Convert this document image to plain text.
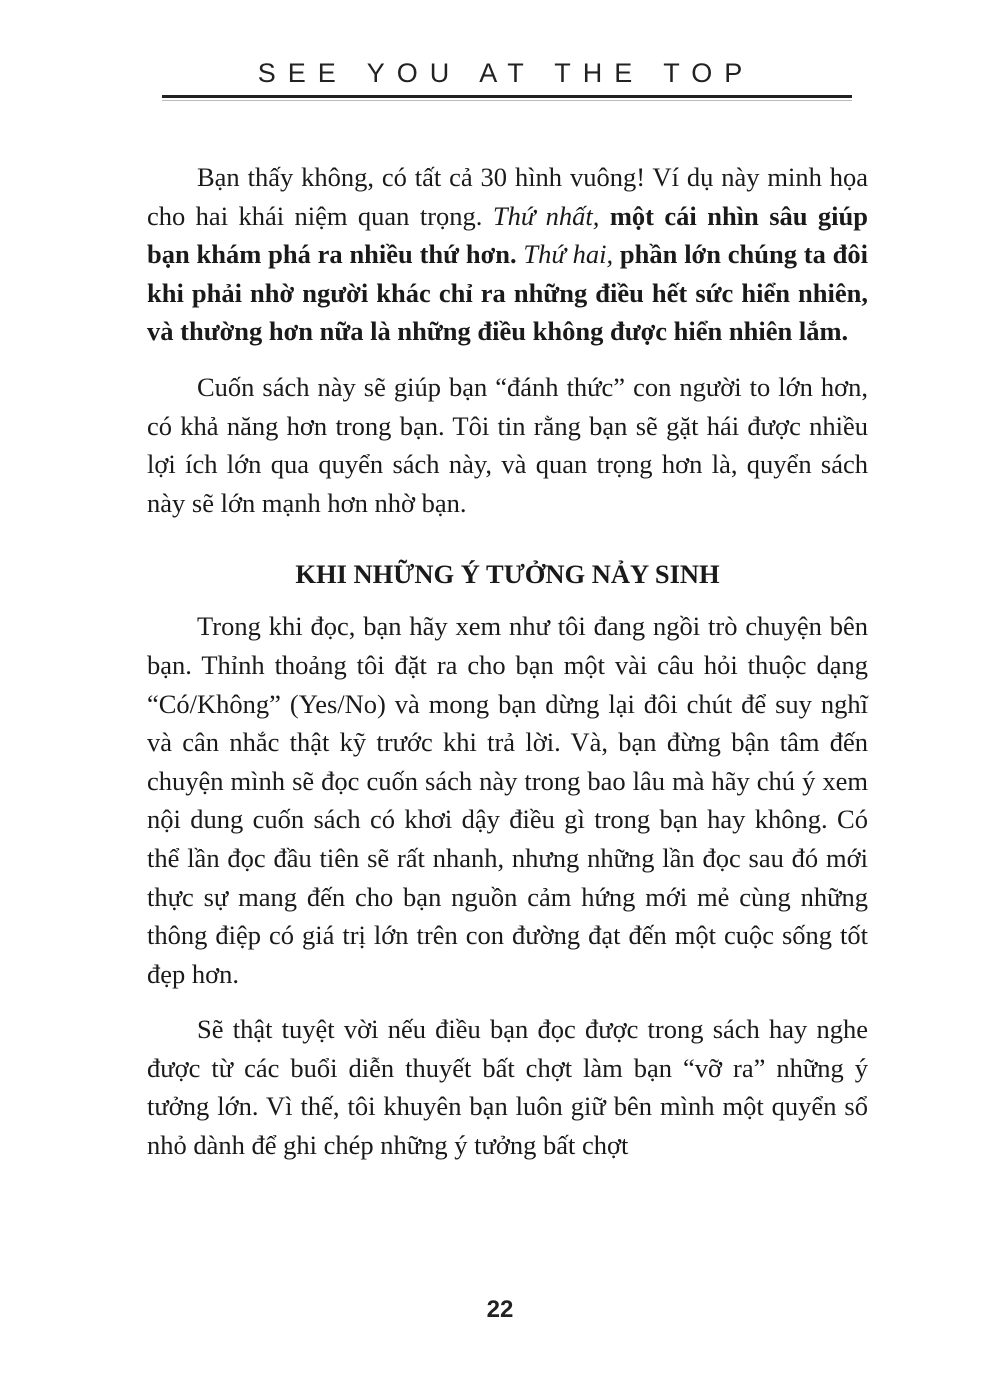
SEE YOU AT THE TOP

Bạn thấy không, có tất cả 30 hình vuông! Ví dụ này minh họa cho hai khái niệm quan trọng. Thứ nhất, một cái nhìn sâu giúp bạn khám phá ra nhiều thứ hơn. Thứ hai, phần lớn chúng ta đôi khi phải nhờ người khác chỉ ra những điều hết sức hiển nhiên, và thường hơn nữa là những điều không được hiển nhiên lắm.

Cuốn sách này sẽ giúp bạn “đánh thức” con người to lớn hơn, có khả năng hơn trong bạn. Tôi tin rằng bạn sẽ gặt hái được nhiều lợi ích lớn qua quyển sách này, và quan trọng hơn là, quyển sách này sẽ lớn mạnh hơn nhờ bạn.

KHI NHỮNG Ý TƯỞNG NẢY SINH

Trong khi đọc, bạn hãy xem như tôi đang ngồi trò chuyện bên bạn. Thỉnh thoảng tôi đặt ra cho bạn một vài câu hỏi thuộc dạng “Có/Không” (Yes/No) và mong bạn dừng lại đôi chút để suy nghĩ và cân nhắc thật kỹ trước khi trả lời. Và, bạn đừng bận tâm đến chuyện mình sẽ đọc cuốn sách này trong bao lâu mà hãy chú ý xem nội dung cuốn sách có khơi dậy điều gì trong bạn hay không. Có thể lần đọc đầu tiên sẽ rất nhanh, nhưng những lần đọc sau đó mới thực sự mang đến cho bạn nguồn cảm hứng mới mẻ cùng những thông điệp có giá trị lớn trên con đường đạt đến một cuộc sống tốt đẹp hơn.

Sẽ thật tuyệt vời nếu điều bạn đọc được trong sách hay nghe được từ các buổi diễn thuyết bất chợt làm bạn “vỡ ra” những ý tưởng lớn. Vì thế, tôi khuyên bạn luôn giữ bên mình một quyển sổ nhỏ dành để ghi chép những ý tưởng bất chợt

22
